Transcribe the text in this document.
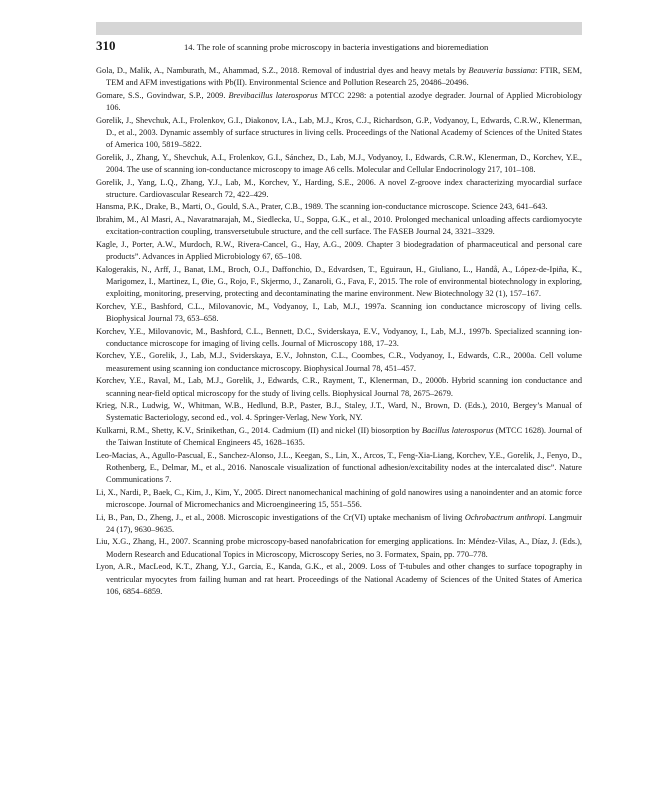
310	14. The role of scanning probe microscopy in bacteria investigations and bioremediation

Gola, D., Malik, A., Namburath, M., Ahammad, S.Z., 2018. Removal of industrial dyes and heavy metals by Beauveria bassiana: FTIR, SEM, TEM and AFM investigations with Pb(II). Environmental Science and Pollution Research 25, 20486–20496.

Gomare, S.S., Govindwar, S.P., 2009. Brevibacillus laterosporus MTCC 2298: a potential azodye degrader. Journal of Applied Microbiology 106.

Gorelik, J., Shevchuk, A.I., Frolenkov, G.I., Diakonov, I.A., Lab, M.J., Kros, C.J., Richardson, G.P., Vodyanoy, I., Edwards, C.R.W., Klenerman, D., et al., 2003. Dynamic assembly of surface structures in living cells. Proceedings of the National Academy of Sciences of the United States of America 100, 5819–5822.

Gorelik, J., Zhang, Y., Shevchuk, A.I., Frolenkov, G.I., Sánchez, D., Lab, M.J., Vodyanoy, I., Edwards, C.R.W., Klenerman, D., Korchev, Y.E., 2004. The use of scanning ion-conductance microscopy to image A6 cells. Molecular and Cellular Endocrinology 217, 101–108.

Gorelik, J., Yang, L.Q., Zhang, Y.J., Lab, M., Korchev, Y., Harding, S.E., 2006. A novel Z-groove index characterizing myocardial surface structure. Cardiovascular Research 72, 422–429.

Hansma, P.K., Drake, B., Marti, O., Gould, S.A., Prater, C.B., 1989. The scanning ion-conductance microscope. Science 243, 641–643.

Ibrahim, M., Al Masri, A., Navaratnarajah, M., Siedlecka, U., Soppa, G.K., et al., 2010. Prolonged mechanical unloading affects cardiomyocyte excitation-contraction coupling, transversetubule structure, and the cell surface. The FASEB Journal 24, 3321–3329.

Kagle, J., Porter, A.W., Murdoch, R.W., Rivera-Cancel, G., Hay, A.G., 2009. Chapter 3 biodegradation of pharmaceutical and personal care products”. Advances in Applied Microbiology 67, 65–108.

Kalogerakis, N., Arff, J., Banat, I.M., Broch, O.J., Daffonchio, D., Edvardsen, T., Eguiraun, H., Giuliano, L., Handå, A., López-de-Ipiña, K., Marigomez, I., Martinez, I., Øie, G., Rojo, F., Skjermo, J., Zanaroli, G., Fava, F., 2015. The role of environmental biotechnology in exploring, exploiting, monitoring, preserving, protecting and decontaminating the marine environment. New Biotechnology 32 (1), 157–167.

Korchev, Y.E., Bashford, C.L., Milovanovic, M., Vodyanoy, I., Lab, M.J., 1997a. Scanning ion conductance microscopy of living cells. Biophysical Journal 73, 653–658.

Korchev, Y.E., Milovanovic, M., Bashford, C.L., Bennett, D.C., Sviderskaya, E.V., Vodyanoy, I., Lab, M.J., 1997b. Specialized scanning ion-conductance microscope for imaging of living cells. Journal of Microscopy 188, 17–23.

Korchev, Y.E., Gorelik, J., Lab, M.J., Sviderskaya, E.V., Johnston, C.L., Coombes, C.R., Vodyanoy, I., Edwards, C.R., 2000a. Cell volume measurement using scanning ion conductance microscopy. Biophysical Journal 78, 451–457.

Korchev, Y.E., Raval, M., Lab, M.J., Gorelik, J., Edwards, C.R., Rayment, T., Klenerman, D., 2000b. Hybrid scanning ion conductance and scanning near-field optical microscopy for the study of living cells. Biophysical Journal 78, 2675–2679.

Krieg, N.R., Ludwig, W., Whitman, W.B., Hedlund, B.P., Paster, B.J., Staley, J.T., Ward, N., Brown, D. (Eds.), 2010, Bergey’s Manual of Systematic Bacteriology, second ed., vol. 4. Springer-Verlag, New York, NY.

Kulkarni, R.M., Shetty, K.V., Srinikethan, G., 2014. Cadmium (II) and nickel (II) biosorption by Bacillus laterosporus (MTCC 1628). Journal of the Taiwan Institute of Chemical Engineers 45, 1628–1635.

Leo-Macias, A., Agullo-Pascual, E., Sanchez-Alonso, J.L., Keegan, S., Lin, X., Arcos, T., Feng-Xia-Liang, Korchev, Y.E., Gorelik, J., Fenyo, D., Rothenberg, E., Delmar, M., et al., 2016. Nanoscale visualization of functional adhesion/excitability nodes at the intercalated disc”. Nature Communications 7.

Li, X., Nardi, P., Baek, C., Kim, J., Kim, Y., 2005. Direct nanomechanical machining of gold nanowires using a nanoindenter and an atomic force microscope. Journal of Micromechanics and Microengineering 15, 551–556.

Li, B., Pan, D., Zheng, J., et al., 2008. Microscopic investigations of the Cr(VI) uptake mechanism of living Ochrobactrum anthropi. Langmuir 24 (17), 9630–9635.

Liu, X.G., Zhang, H., 2007. Scanning probe microscopy-based nanofabrication for emerging applications. In: Méndez-Vilas, A., Díaz, J. (Eds.), Modern Research and Educational Topics in Microscopy, Microscopy Series, no 3. Formatex, Spain, pp. 770–778.

Lyon, A.R., MacLeod, K.T., Zhang, Y.J., Garcia, E., Kanda, G.K., et al., 2009. Loss of T-tubules and other changes to surface topography in ventricular myocytes from failing human and rat heart. Proceedings of the National Academy of Sciences of the United States of America 106, 6854–6859.
